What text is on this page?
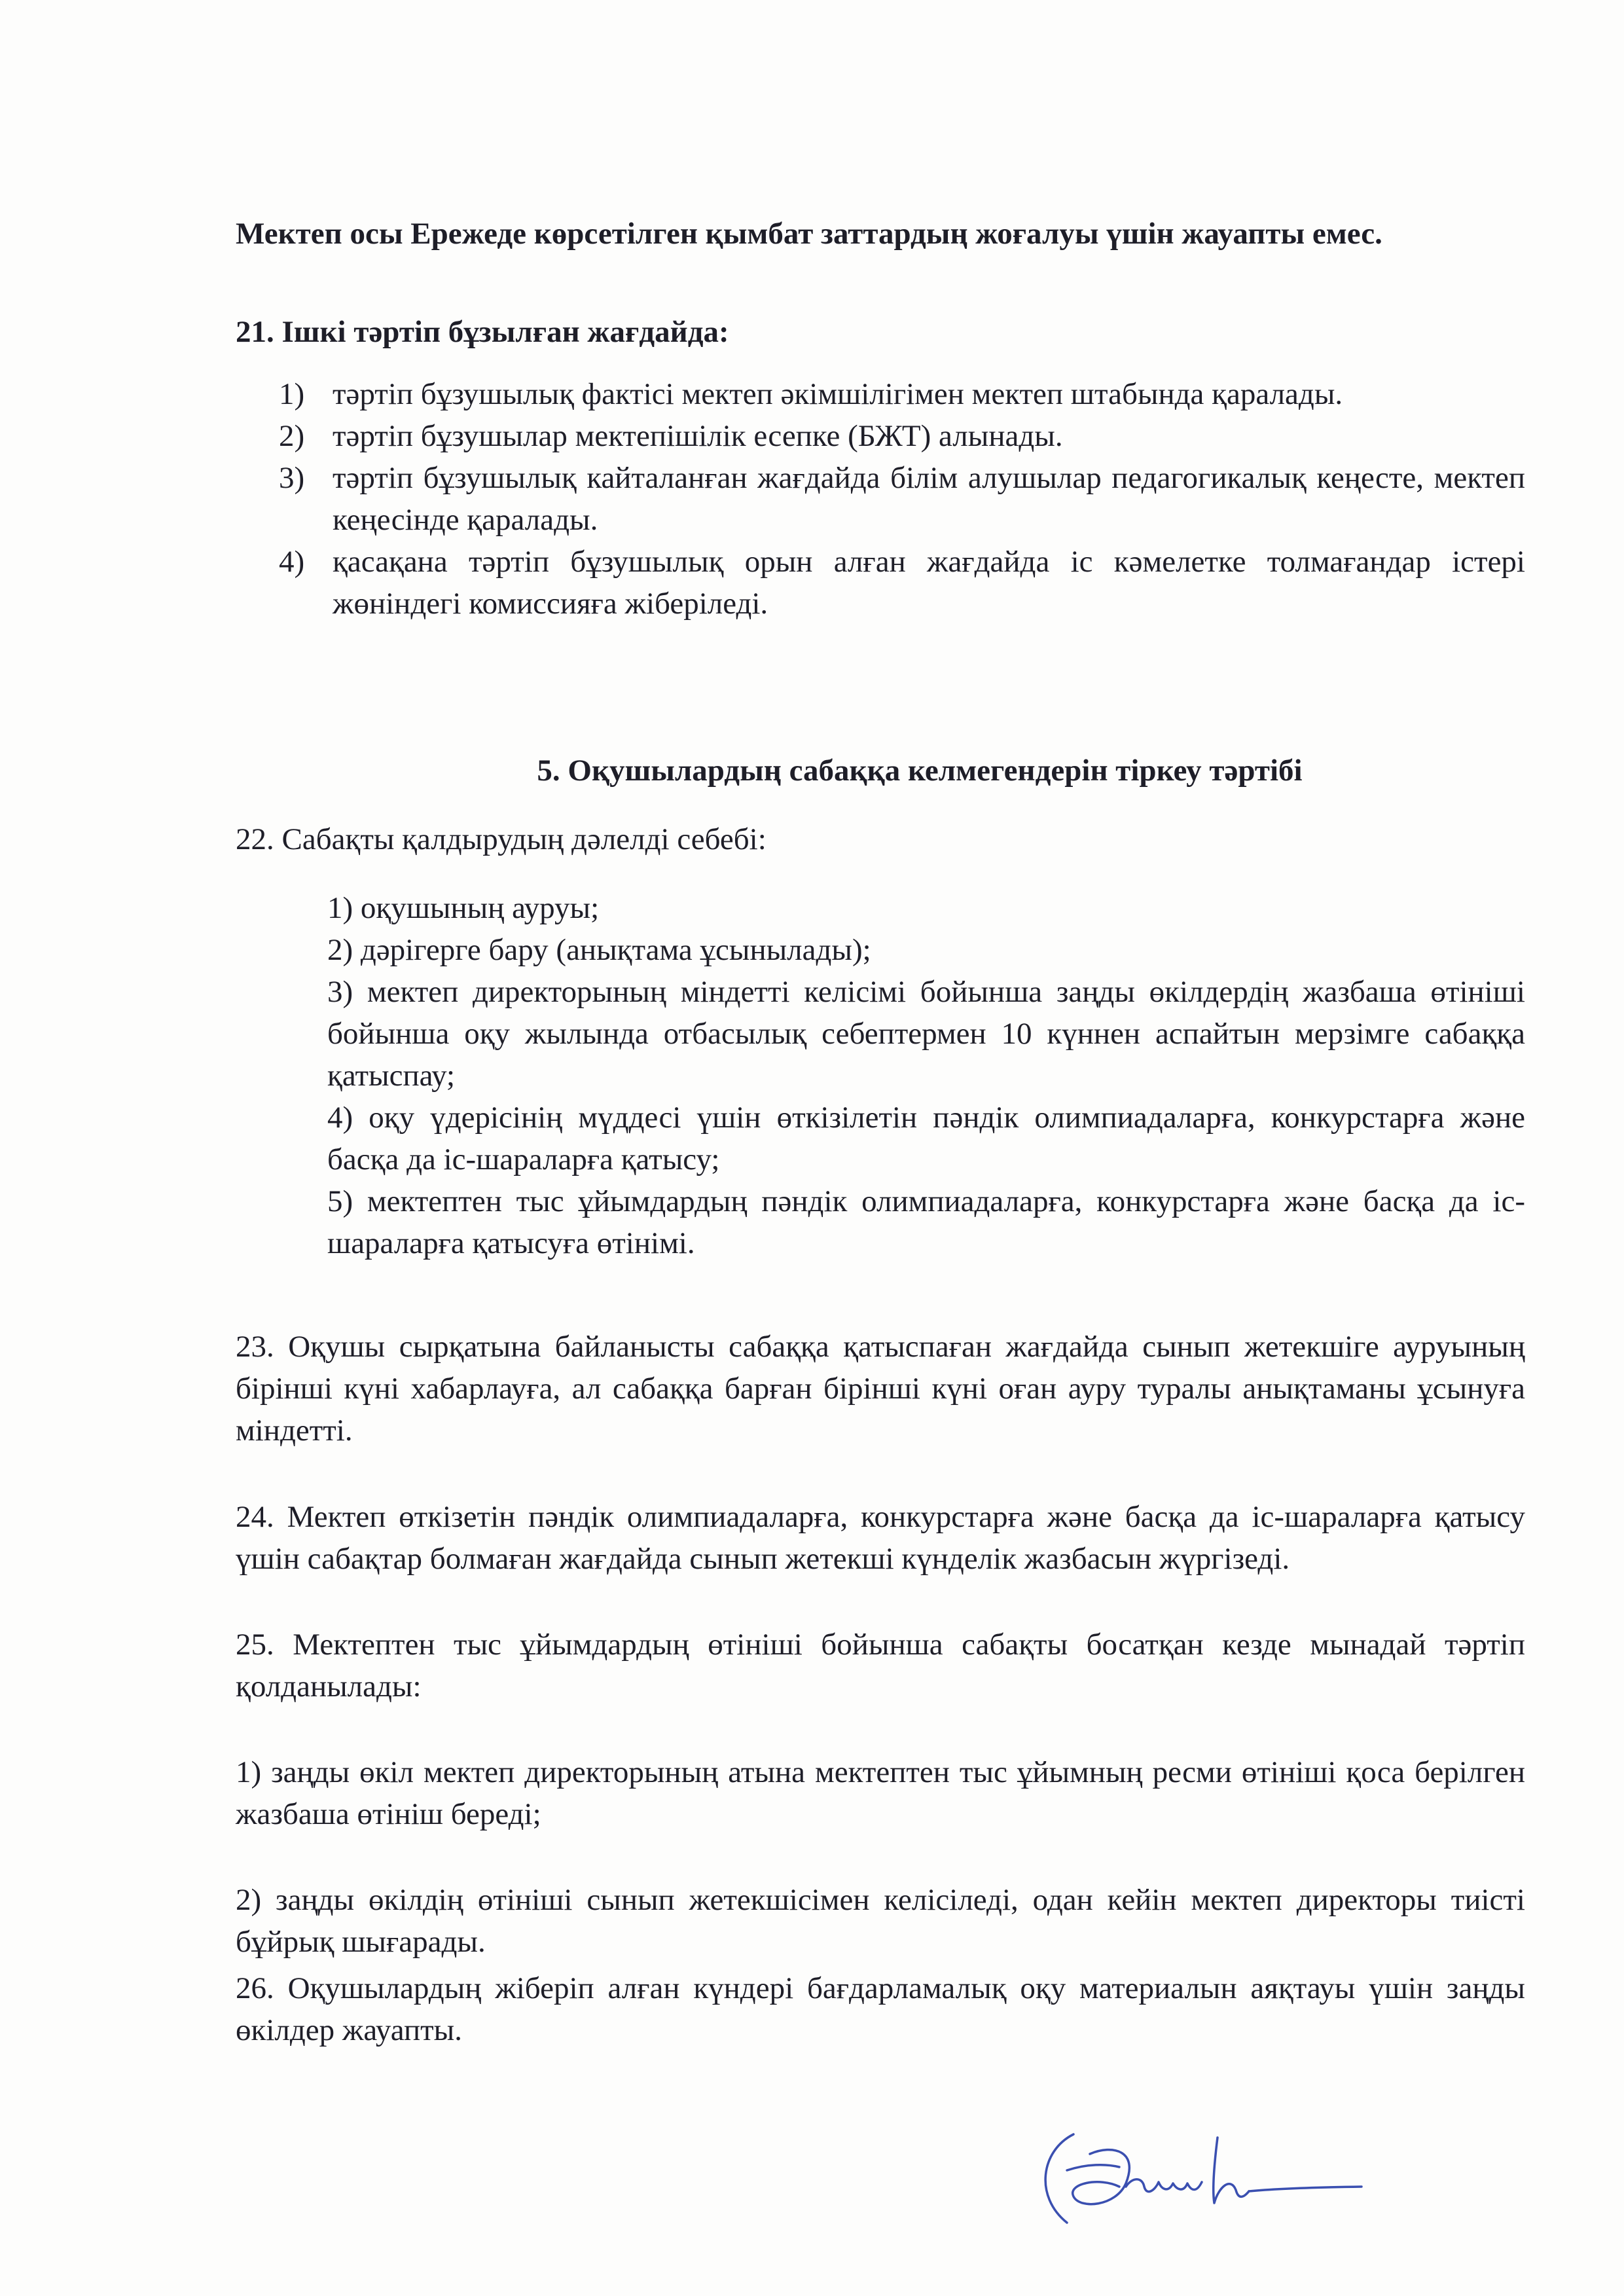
Мектеп осы Ережеде көрсетілген қымбат заттардың жоғалуы үшін жауапты емес.
21. Ішкі тәртіп бұзылған жағдайда:
1) тәртіп бұзушылық фактісі мектеп әкімшілігімен мектеп штабында қаралады.
2) тәртіп бұзушылар мектепішілік есепке (БЖТ) алынады.
3) тәртіп бұзушылық кайталанған жағдайда білім алушылар педагогикалық кеңесте, мектеп кеңесінде қаралады.
4) қасақана тәртіп бұзушылық орын алған жағдайда іс кәмелетке толмағандар істері жөніндегі комиссияға жіберіледі.
5. Оқушылардың сабаққа келмегендерін тіркеу тәртібі
22. Сабақты қалдырудың дәлелді себебі:
1) оқушының ауруы;
2) дәрігерге бару (анықтама ұсынылады);
3) мектеп директорының міндетті келісімі бойынша заңды өкілдердің жазбаша өтініші бойынша оқу жылында отбасылық себептермен 10 күннен аспайтын мерзімге сабаққа қатыспау;
4) оқу үдерісінің мүддесі үшін өткізілетін пәндік олимпиадаларға, конкурстарға және басқа да іс-шараларға қатысу;
5) мектептен тыс ұйымдардың пәндік олимпиадаларға, конкурстарға және басқа да іс-шараларға қатысуға өтінімі.
23. Оқушы сырқатына байланысты сабаққа қатыспаған жағдайда сынып жетекшіге ауруының бірінші күні хабарлауға, ал сабаққа барған бірінші күні оған ауру туралы анықтаманы ұсынуға міндетті.
24. Мектеп өткізетін пәндік олимпиадаларға, конкурстарға және басқа да іс-шараларға қатысу үшін сабақтар болмаған жағдайда сынып жетекші күнделік жазбасын жүргізеді.
25. Мектептен тыс ұйымдардың өтініші бойынша сабақты босатқан кезде мынадай тәртіп қолданылады:
1) заңды өкіл мектеп директорының атына мектептен тыс ұйымның ресми өтініші қоса берілген жазбаша өтініш береді;
2) заңды өкілдің өтініші сынып жетекшісімен келісіледі, одан кейін мектеп директоры тиісті бұйрық шығарады.
26. Оқушылардың жіберіп алған күндері бағдарламалық оқу материалын аяқтауы үшін заңды өкілдер жауапты.
